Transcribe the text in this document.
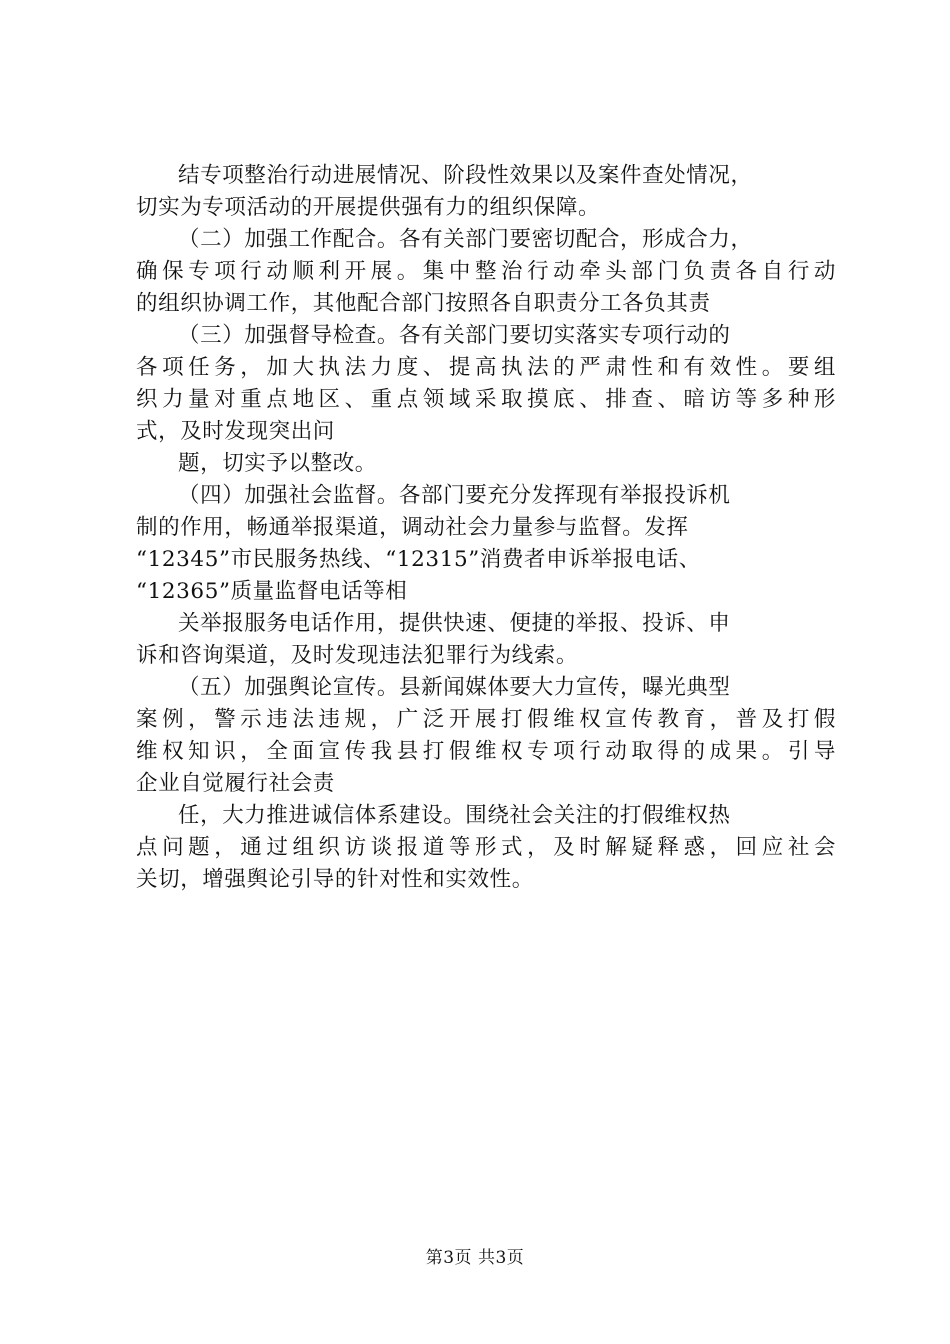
结专项整治行动进展情况、阶段性效果以及案件查处情况，
切实为专项活动的开展提供强有力的组织保障。
（二）加强工作配合。各有关部门要密切配合，形成合力，
确保专项行动顺利开展。集中整治行动牵头部门负责各自行动
的组织协调工作，其他配合部门按照各自职责分工各负其责
（三）加强督导检查。各有关部门要切实落实专项行动的
各项任务，加大执法力度、提高执法的严肃性和有效性。要组
织力量对重点地区、重点领域采取摸底、排查、暗访等多种形
式，及时发现突出问
题，切实予以整改。
（四）加强社会监督。各部门要充分发挥现有举报投诉机
制的作用，畅通举报渠道，调动社会力量参与监督。发挥
“12345”市民服务热线、“12315”消费者申诉举报电话、
“12365”质量监督电话等相
关举报服务电话作用，提供快速、便捷的举报、投诉、申
诉和咨询渠道，及时发现违法犯罪行为线索。
（五）加强舆论宣传。县新闻媒体要大力宣传，曝光典型
案例，警示违法违规，广泛开展打假维权宣传教育，普及打假
维权知识，全面宣传我县打假维权专项行动取得的成果。引导
企业自觉履行社会责
任，大力推进诚信体系建设。围绕社会关注的打假维权热
点问题，通过组织访谈报道等形式，及时解疑释惑，回应社会
关切，增强舆论引导的针对性和实效性。
第3页 共3页
